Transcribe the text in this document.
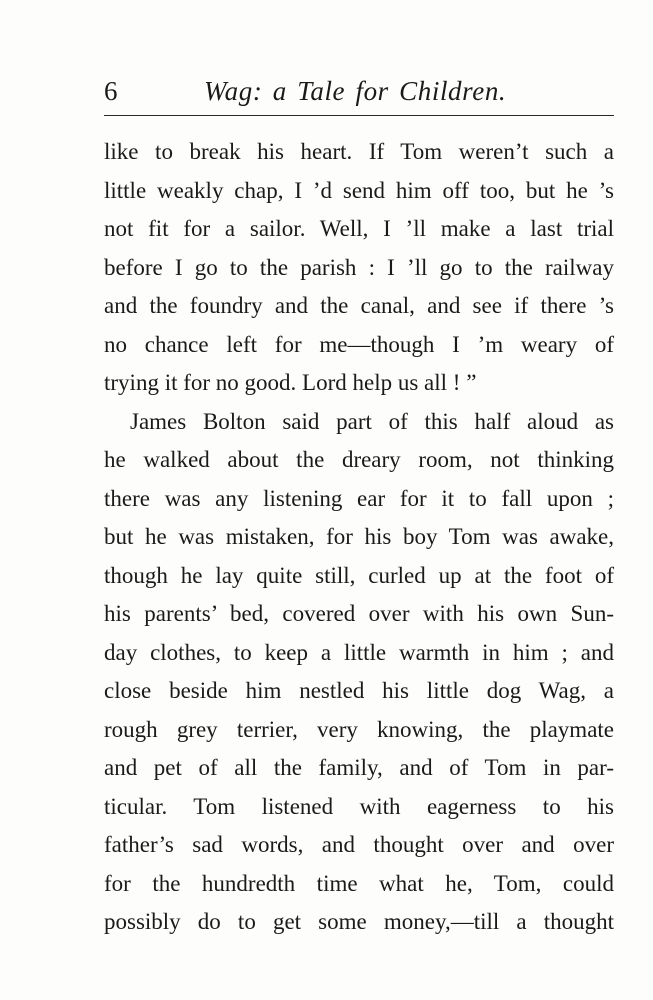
6	Wag: a Tale for Children.
like to break his heart. If Tom weren’t such a
little weakly chap, I ’d send him off too, but he ’s
not fit for a sailor. Well, I ’ll make a last trial
before I go to the parish : I ’ll go to the railway
and the foundry and the canal, and see if there ’s
no chance left for me—though I ’m weary of
trying it for no good. Lord help us all ! ”
James Bolton said part of this half aloud as
he walked about the dreary room, not thinking
there was any listening ear for it to fall upon ;
but he was mistaken, for his boy Tom was awake,
though he lay quite still, curled up at the foot of
his parents’ bed, covered over with his own Sun-
day clothes, to keep a little warmth in him ; and
close beside him nestled his little dog Wag, a
rough grey terrier, very knowing, the playmate
and pet of all the family, and of Tom in par-
ticular. Tom listened with eagerness to his
father’s sad words, and thought over and over
for the hundredth time what he, Tom, could
possibly do to get some money,—till a thought
